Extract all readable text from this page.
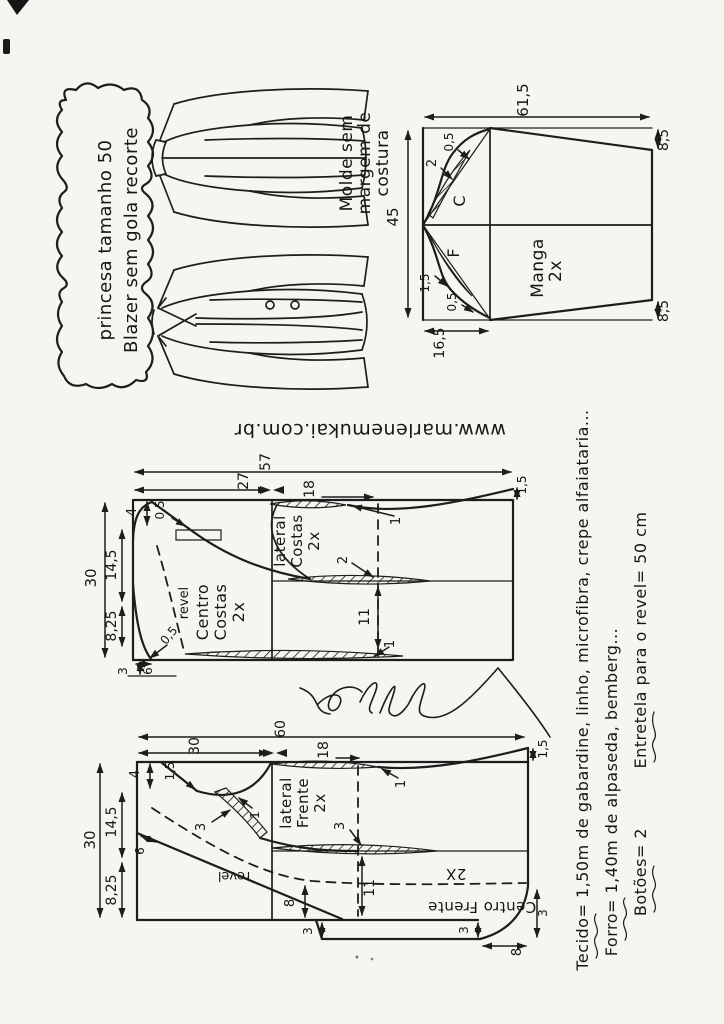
Blazer sem gola recorte
princesa tamanho 50	Molde sem
margem de
costura
61,5
45
16,5
8,5
8,5
2
0,5
1,5
0,5
C
F	Manga
2x
www.marlenemukai.com.br
30 14,5
8,25
4 0,5
27
57
18	1,5
1
2
11
1
0,5
6
3
revel Centro Costas 2x
lateral Costas 2x
30
14,5
8,25
4 1,5
3
1
6
30
60
18	1,5
1
3
11
8
3	3
8
3
revel
Centro Frente
2X
lateral Frente 2x	Tecido= 1,50m de gabardine, linho, microfibra, crepe alfaiataria... Forro= 1,40m de alpaseda, bemberg... Botões= 2
Entretela para o revel= 50 cm
